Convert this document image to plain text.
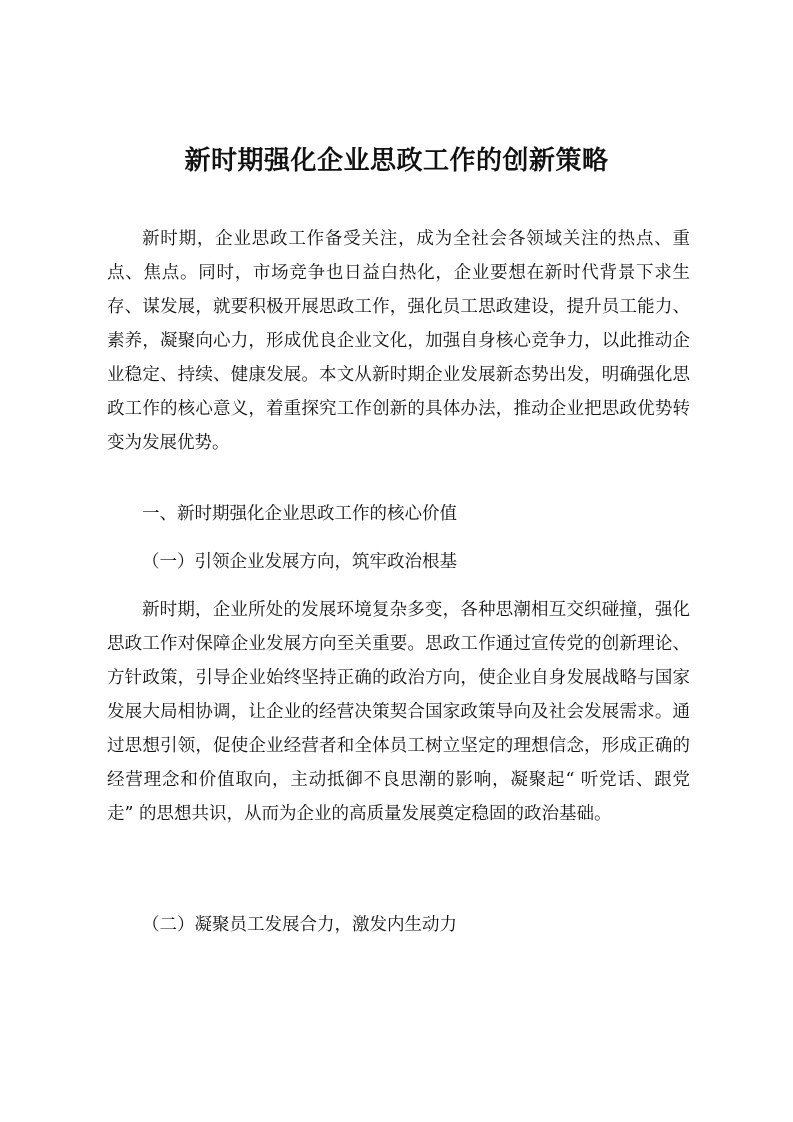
新时期强化企业思政工作的创新策略
新时期，企业思政工作备受关注，成为全社会各领域关注的热点、重点、焦点。同时，市场竞争也日益白热化，企业要想在新时代背景下求生存、谋发展，就要积极开展思政工作，强化员工思政建设，提升员工能力、素养，凝聚向心力，形成优良企业文化，加强自身核心竞争力，以此推动企业稳定、持续、健康发展。本文从新时期企业发展新态势出发，明确强化思政工作的核心意义，着重探究工作创新的具体办法，推动企业把思政优势转变为发展优势。
一、新时期强化企业思政工作的核心价值
（一）引领企业发展方向，筑牢政治根基
新时期，企业所处的发展环境复杂多变，各种思潮相互交织碰撞，强化思政工作对保障企业发展方向至关重要。思政工作通过宣传党的创新理论、方针政策，引导企业始终坚持正确的政治方向，使企业自身发展战略与国家发展大局相协调，让企业的经营决策契合国家政策导向及社会发展需求。通过思想引领，促使企业经营者和全体员工树立坚定的理想信念，形成正确的经营理念和价值取向，主动抵御不良思潮的影响，凝聚起“ 听党话、跟党走” 的思想共识，从而为企业的高质量发展奠定稳固的政治基础。
（二）凝聚员工发展合力，激发内生动力
